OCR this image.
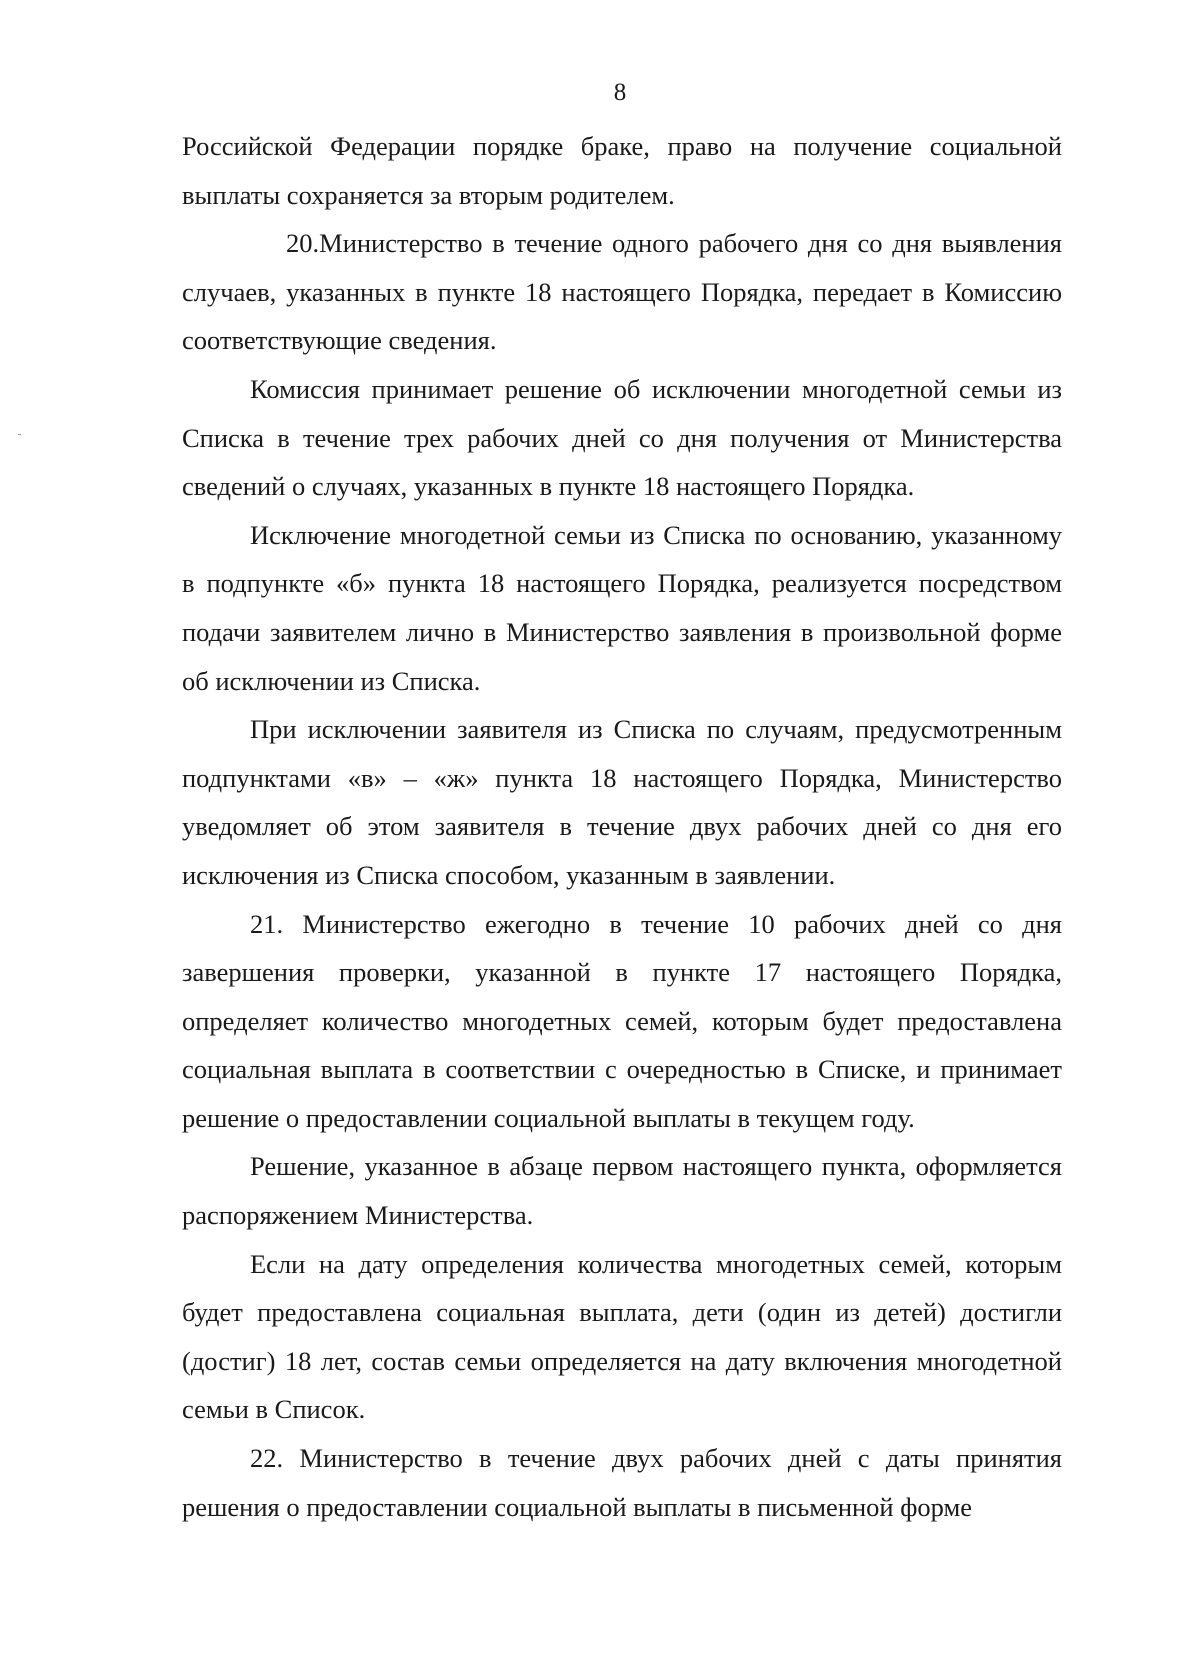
8

Российской Федерации порядке браке, право на получение социальной выплаты сохраняется за вторым родителем.

20.Министерство в течение одного рабочего дня со дня выявления случаев, указанных в пункте 18 настоящего Порядка, передает в Комиссию соответствующие сведения.

Комиссия принимает решение об исключении многодетной семьи из Списка в течение трех рабочих дней со дня получения от Министерства сведений о случаях, указанных в пункте 18 настоящего Порядка.

Исключение многодетной семьи из Списка по основанию, указанному в подпункте «б» пункта 18 настоящего Порядка, реализуется посредством подачи заявителем лично в Министерство заявления в произвольной форме об исключении из Списка.

При исключении заявителя из Списка по случаям, предусмотренным подпунктами «в» – «ж» пункта 18 настоящего Порядка, Министерство уведомляет об этом заявителя в течение двух рабочих дней со дня его исключения из Списка способом, указанным в заявлении.

21. Министерство ежегодно в течение 10 рабочих дней со дня завершения проверки, указанной в пункте 17 настоящего Порядка, определяет количество многодетных семей, которым будет предоставлена социальная выплата в соответствии с очередностью в Списке, и принимает решение о предоставлении социальной выплаты в текущем году.

Решение, указанное в абзаце первом настоящего пункта, оформляется распоряжением Министерства.

Если на дату определения количества многодетных семей, которым будет предоставлена социальная выплата, дети (один из детей) достигли (достиг) 18 лет, состав семьи определяется на дату включения многодетной семьи в Список.

22. Министерство в течение двух рабочих дней с даты принятия решения о предоставлении социальной выплаты в письменной форме
